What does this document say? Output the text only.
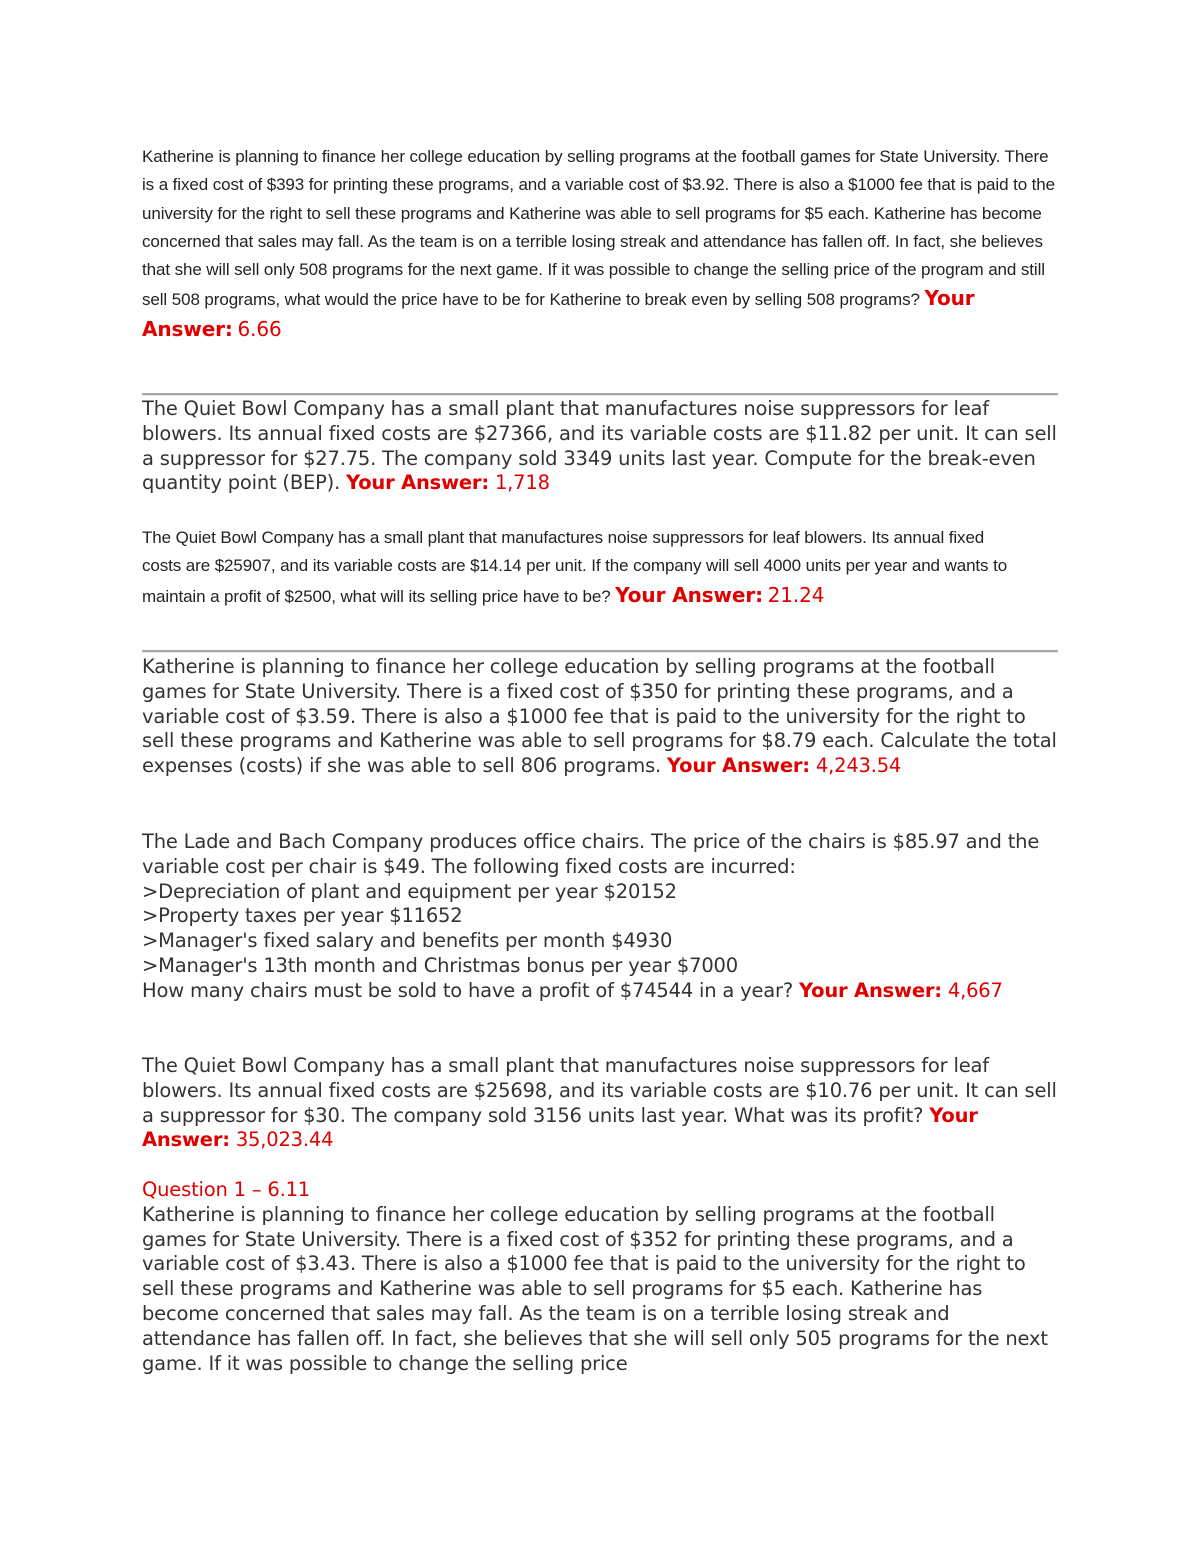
Katherine is planning to finance her college education by selling programs at the football games for State University. There is a fixed cost of $393 for printing these programs, and a variable cost of $3.92. There is also a $1000 fee that is paid to the university for the right to sell these programs and Katherine was able to sell programs for $5 each. Katherine has become concerned that sales may fall. As the team is on a terrible losing streak and attendance has fallen off. In fact, she believes that she will sell only 508 programs for the next game. If it was possible to change the selling price of the program and still sell 508 programs, what would the price have to be for Katherine to break even by selling 508 programs? Your Answer: 6.66

The Quiet Bowl Company has a small plant that manufactures noise suppressors for leaf blowers. Its annual fixed costs are $27366, and its variable costs are $11.82 per unit. It can sell a suppressor for $27.75. The company sold 3349 units last year. Compute for the break-even quantity point (BEP). Your Answer: 1,718

The Quiet Bowl Company has a small plant that manufactures noise suppressors for leaf blowers. Its annual fixed costs are $25907, and its variable costs are $14.14 per unit. If the company will sell 4000 units per year and wants to maintain a profit of $2500, what will its selling price have to be? Your Answer: 21.24

Katherine is planning to finance her college education by selling programs at the football games for State University. There is a fixed cost of $350 for printing these programs, and a variable cost of $3.59. There is also a $1000 fee that is paid to the university for the right to sell these programs and Katherine was able to sell programs for $8.79 each. Calculate the total expenses (costs) if she was able to sell 806 programs. Your Answer: 4,243.54

The Lade and Bach Company produces office chairs. The price of the chairs is $85.97 and the variable cost per chair is $49. The following fixed costs are incurred:

>Depreciation of plant and equipment per year $20152

>Property taxes per year $11652

>Manager's fixed salary and benefits per month $4930

>Manager's 13th month and Christmas bonus per year $7000

How many chairs must be sold to have a profit of $74544 in a year? Your Answer: 4,667

The Quiet Bowl Company has a small plant that manufactures noise suppressors for leaf blowers. Its annual fixed costs are $25698, and its variable costs are $10.76 per unit. It can sell a suppressor for $30. The company sold 3156 units last year. What was its profit? Your Answer: 35,023.44

Question 1 – 6.11

Katherine is planning to finance her college education by selling programs at the football games for State University. There is a fixed cost of $352 for printing these programs, and a variable cost of $3.43. There is also a $1000 fee that is paid to the university for the right to sell these programs and Katherine was able to sell programs for $5 each. Katherine has become concerned that sales may fall. As the team is on a terrible losing streak and attendance has fallen off. In fact, she believes that she will sell only 505 programs for the next game. If it was possible to change the selling price
